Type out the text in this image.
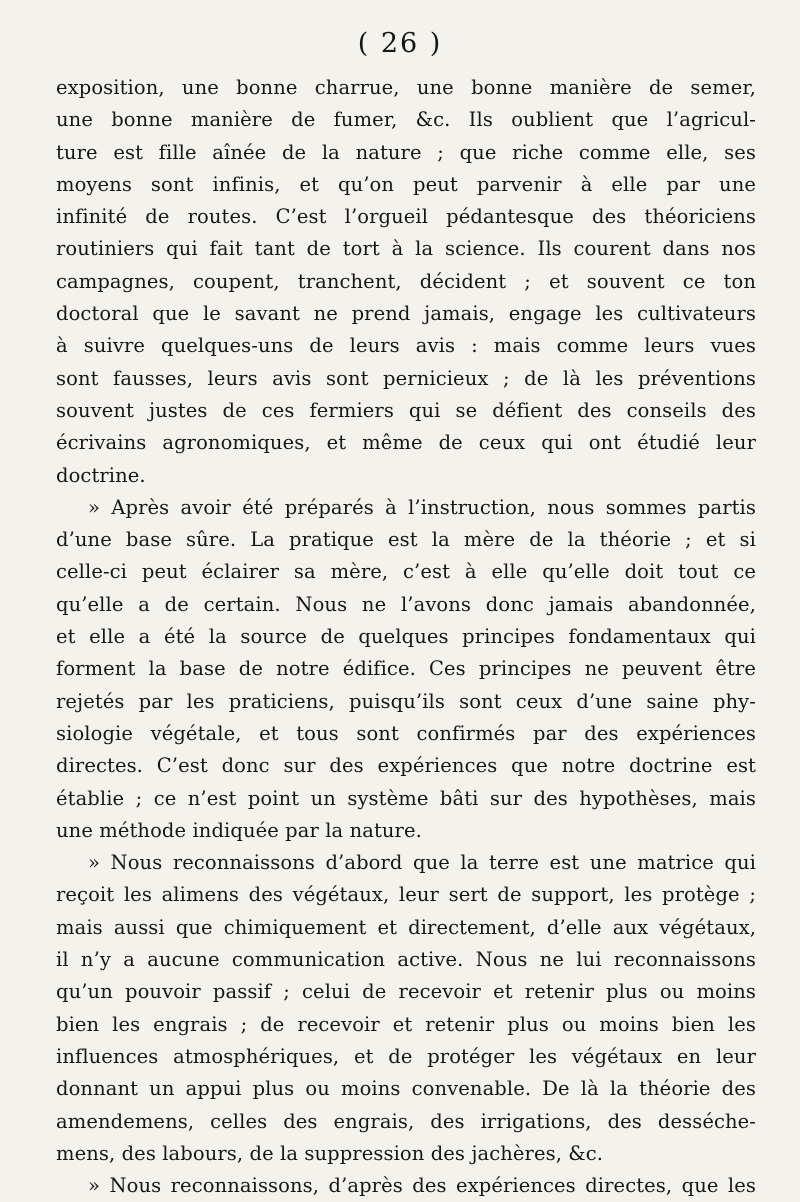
( 26 )
exposition, une bonne charrue, une bonne manière de semer,
une bonne manière de fumer, &c. Ils oublient que l’agricul-
ture est fille aînée de la nature ; que riche comme elle, ses
moyens sont infinis, et qu’on peut parvenir à elle par une
infinité de routes. C’est l’orgueil pédantesque des théoriciens
routiniers qui fait tant de tort à la science. Ils courent dans nos
campagnes, coupent, tranchent, décident ; et souvent ce ton
doctoral que le savant ne prend jamais, engage les cultivateurs
à suivre quelques-uns de leurs avis : mais comme leurs vues
sont fausses, leurs avis sont pernicieux ; de là les préventions
souvent justes de ces fermiers qui se défient des conseils des
écrivains agronomiques, et même de ceux qui ont étudié leur
doctrine.
» Après avoir été préparés à l’instruction, nous sommes partis
d’une base sûre. La pratique est la mère de la théorie ; et si
celle-ci peut éclairer sa mère, c’est à elle qu’elle doit tout ce
qu’elle a de certain. Nous ne l’avons donc jamais abandonnée,
et elle a été la source de quelques principes fondamentaux qui
forment la base de notre édifice. Ces principes ne peuvent être
rejetés par les praticiens, puisqu’ils sont ceux d’une saine phy-
siologie végétale, et tous sont confirmés par des expériences
directes. C’est donc sur des expériences que notre doctrine est
établie ; ce n’est point un système bâti sur des hypothèses, mais
une méthode indiquée par la nature.
» Nous reconnaissons d’abord que la terre est une matrice qui
reçoit les alimens des végétaux, leur sert de support, les protège ;
mais aussi que chimiquement et directement, d’elle aux végétaux,
il n’y a aucune communication active. Nous ne lui reconnaissons
qu’un pouvoir passif ; celui de recevoir et retenir plus ou moins
bien les engrais ; de recevoir et retenir plus ou moins bien les
influences atmosphériques, et de protéger les végétaux en leur
donnant un appui plus ou moins convenable. De là la théorie des
amendemens, celles des engrais, des irrigations, des desséche-
mens, des labours, de la suppression des jachères, &c.
» Nous reconnaissons, d’après des expériences directes, que les
